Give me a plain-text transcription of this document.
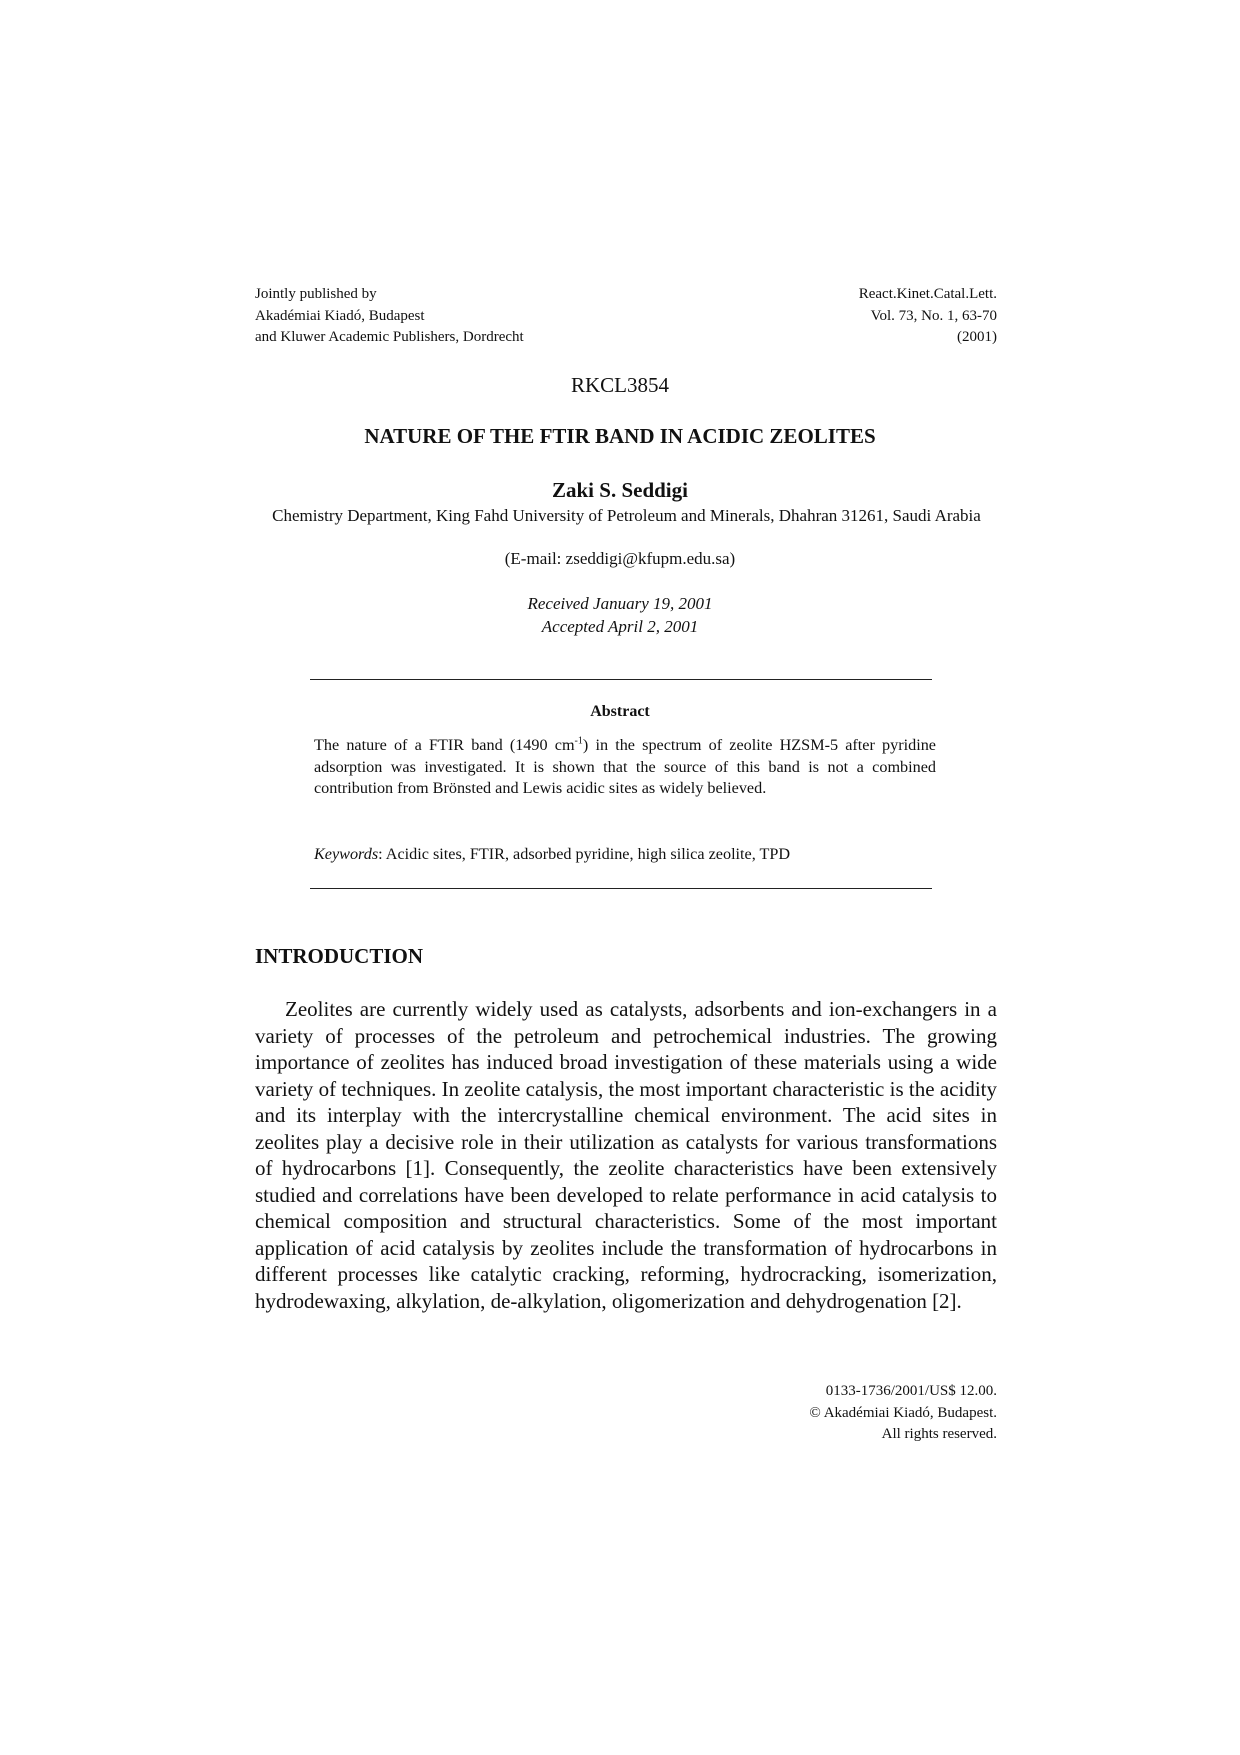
Jointly published by
Akadémiai Kiadó, Budapest
and Kluwer Academic Publishers, Dordrecht
React.Kinet.Catal.Lett.
Vol. 73, No. 1, 63-70
(2001)
RKCL3854
NATURE OF THE FTIR BAND IN ACIDIC ZEOLITES
Zaki S. Seddigi
Chemistry Department, King Fahd University of Petroleum and Minerals, Dhahran 31261, Saudi Arabia
(E-mail: zseddigi@kfupm.edu.sa)
Received January 19, 2001
Accepted April 2, 2001
Abstract
The nature of a FTIR band (1490 $cm^{-1}$) in the spectrum of zeolite HZSM-5 after pyridine adsorption was investigated. It is shown that the source of this band is not a combined contribution from Brönsted and Lewis acidic sites as widely believed.
Keywords: Acidic sites, FTIR, adsorbed pyridine, high silica zeolite, TPD
INTRODUCTION
Zeolites are currently widely used as catalysts, adsorbents and ion-exchangers in a variety of processes of the petroleum and petrochemical industries. The growing importance of zeolites has induced broad investigation of these materials using a wide variety of techniques. In zeolite catalysis, the most important characteristic is the acidity and its interplay with the intercrystalline chemical environment. The acid sites in zeolites play a decisive role in their utilization as catalysts for various transformations of hydrocarbons [1]. Consequently, the zeolite characteristics have been extensively studied and correlations have been developed to relate performance in acid catalysis to chemical composition and structural characteristics. Some of the most important application of acid catalysis by zeolites include the transformation of hydrocarbons in different processes like catalytic cracking, reforming, hydrocracking, isomerization, hydrodewaxing, alkylation, de-alkylation, oligomerization and dehydrogenation [2].
0133-1736/2001/US$ 12.00.
© Akadémiai Kiadó, Budapest.
All rights reserved.
